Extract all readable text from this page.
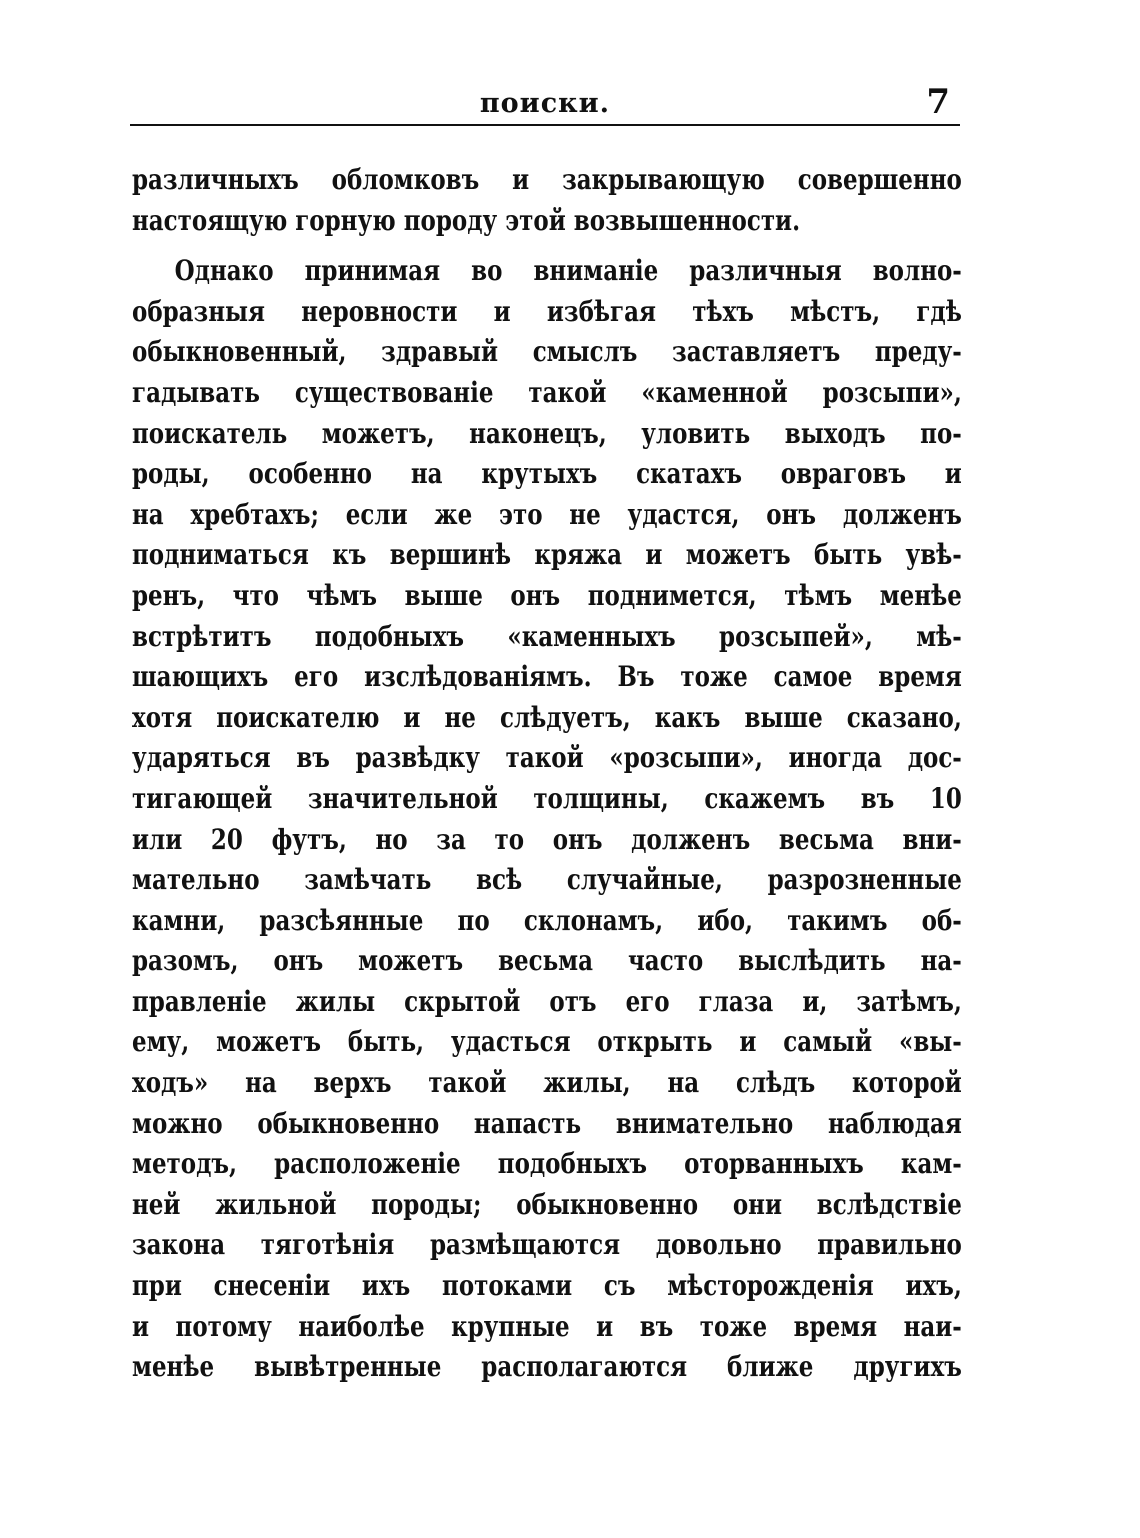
поиски.	7
различныхъ обломковъ и закрывающую совершенно
настоящую горную породу этой возвышенности.
Однако принимая во вниманіе различныя волно-
образныя неровности и избѣгая тѣхъ мѣстъ, гдѣ
обыкновенный, здравый смыслъ заставляетъ преду-
гадывать существованіе такой «каменной розсыпи»,
поискатель можетъ, наконецъ, уловить выходъ по-
роды, особенно на крутыхъ скатахъ овраговъ и
на хребтахъ; если же это не удастся, онъ долженъ
подниматься къ вершинѣ кряжа и можетъ быть увѣ-
ренъ, что чѣмъ выше онъ поднимется, тѣмъ менѣе
встрѣтитъ подобныхъ «каменныхъ розсыпей», мѣ-
шающихъ его изслѣдованіямъ. Въ тоже самое время
хотя поискателю и не слѣдуетъ, какъ выше сказано,
ударяться въ развѣдку такой «розсыпи», иногда дос-
тигающей значительной толщины, скажемъ въ 10
или 20 футъ, но за то онъ долженъ весьма вни-
мательно замѣчать всѣ случайные, разрозненные
камни, разсѣянные по склонамъ, ибо, такимъ об-
разомъ, онъ можетъ весьма часто выслѣдить на-
правленіе жилы скрытой отъ его глаза и, затѣмъ,
ему, можетъ быть, удасться открыть и самый «вы-
ходъ» на верхъ такой жилы, на слѣдъ которой
можно обыкновенно напасть внимательно наблюдая
методъ, расположеніе подобныхъ оторванныхъ кам-
ней жильной породы; обыкновенно они вслѣдствіе
закона тяготѣнія размѣщаются довольно правильно
при снесеніи ихъ потоками съ мѣсторожденія ихъ,
и потому наиболѣе крупные и въ тоже время наи-
менѣе вывѣтренные располагаются ближе другихъ
